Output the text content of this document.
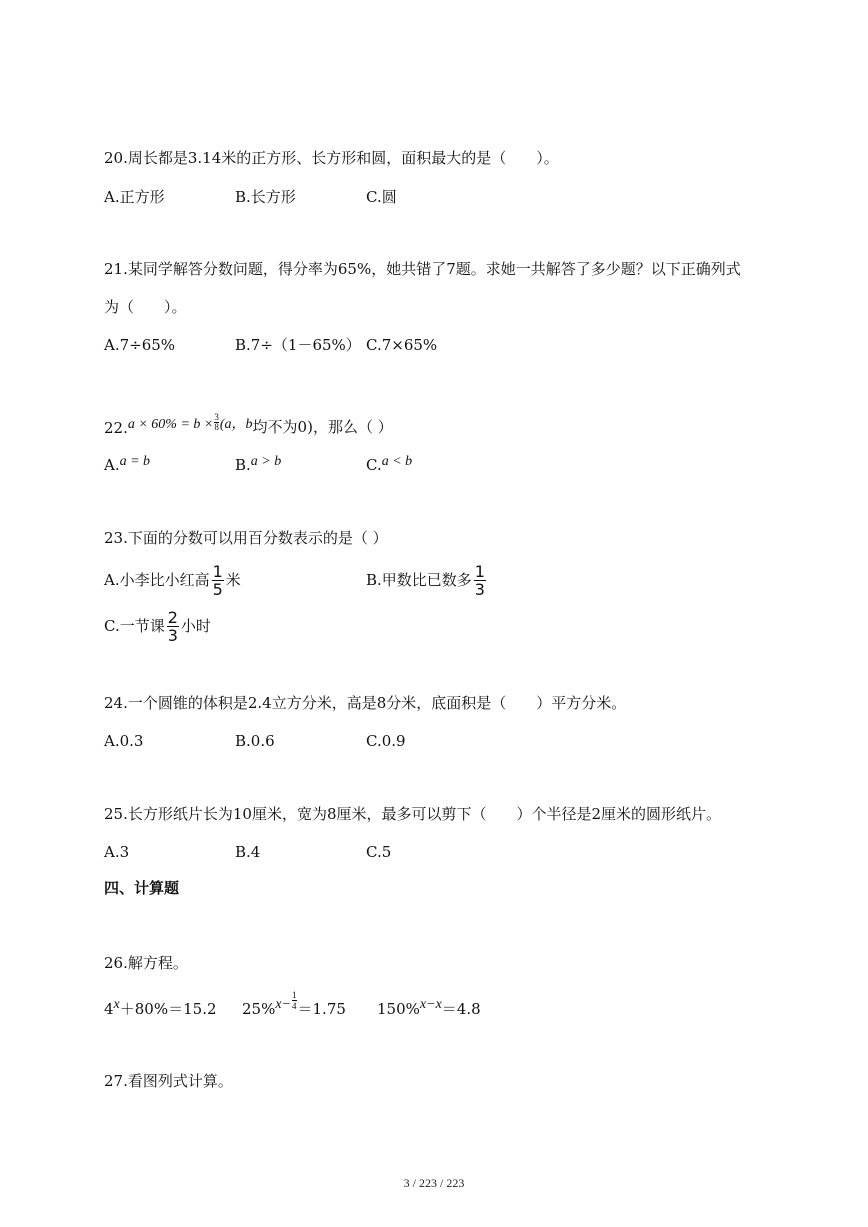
20.周长都是3.14米的正方形、长方形和圆，面积最大的是（　　）。
A.正方形	B.长方形	C.圆
21.某同学解答分数问题，得分率为65%，她共错了7题。求她一共解答了多少题？以下正确列式
为（　　）。
A.7÷65%	B.7÷（1－65%） C.7×65%
$22.a \times 60\% = b \times \frac{3}{8} (a$，b均不为0)，那么（ ）
A.a = b	B.a > b	C.a < b
23.下面的分数可以用百分数表示的是（ ）
A.小李比小红高 $\frac{1}{5}$ 米	B.甲数比已数多 $\frac{1}{3}$
C.一节课 $\frac{2}{3}$ 小时
24.一个圆锥的体积是2.4立方分米，高是8分米，底面积是（　　）平方分米。
A.0.3	B.0.6	C.0.9
25.长方形纸片长为10厘米，宽为8厘米，最多可以剪下（　　）个半径是2厘米的圆形纸片。
A.3	B.4	C.5
四、计算题
26.解方程。
4x＋80%＝15.2 $25\%x- \frac{1}{4} =1.75$ 150%x−x＝4.8
27.看图列式计算。
3 / 223 / 223
